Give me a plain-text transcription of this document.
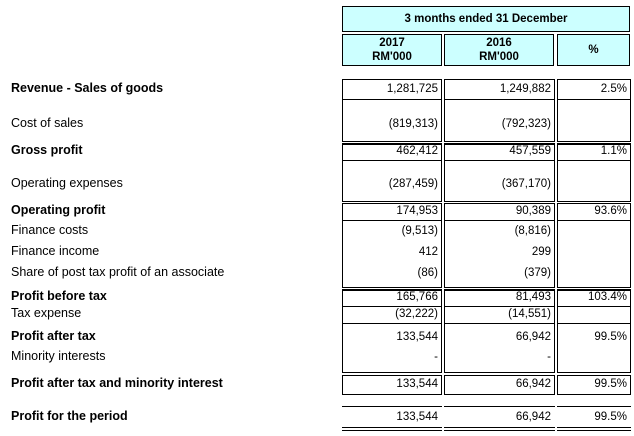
3 months ended 31 December
2017
RM'000
2016
RM'000
%
Revenue - Sales of goods	1,281,725	1,249,882	2.5%
Cost of sales	(819,313)	(792,323)
Gross profit	462,412	457,559	1.1%
Operating expenses	(287,459)	(367,170)
Operating profit	174,953	90,389	93.6%
Finance costs	(9,513)	(8,816)
Finance income	412	299
Share of post tax profit of an associate	(86)	(379)
Profit before tax	165,766	81,493	103.4%
Tax expense	(32,222)	(14,551)
Profit after tax	133,544	66,942	99.5%
Minority interests	-	-
Profit after tax and minority interest	133,544	66,942	99.5%
Profit for the period	133,544	66,942	99.5%
